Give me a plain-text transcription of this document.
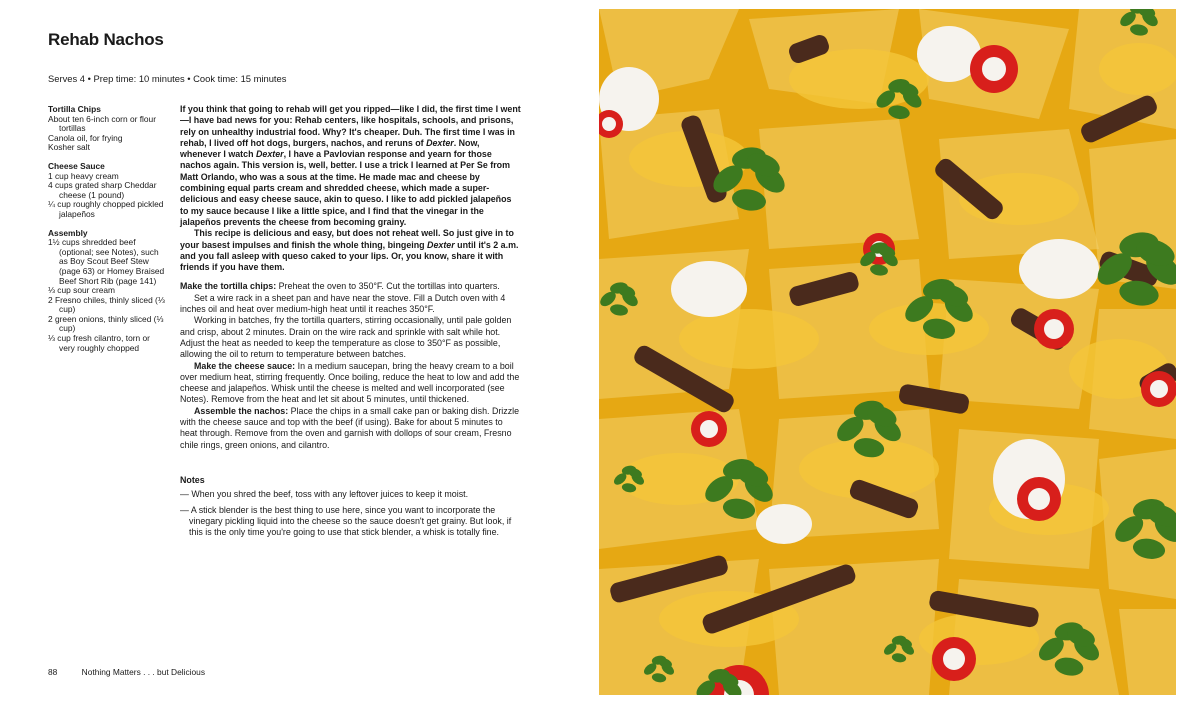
Rehab Nachos
Serves 4 • Prep time: 10 minutes • Cook time: 15 minutes
Tortilla Chips
About ten 6-inch corn or flour tortillas
Canola oil, for frying
Kosher salt
Cheese Sauce
1 cup heavy cream
4 cups grated sharp Cheddar cheese (1 pound)
¼ cup roughly chopped pickled jalapeños
Assembly
1½ cups shredded beef (optional; see Notes), such as Boy Scout Beef Stew (page 63) or Homey Braised Beef Short Rib (page 141)
⅓ cup sour cream
2 Fresno chiles, thinly sliced (⅓ cup)
2 green onions, thinly sliced (⅓ cup)
⅓ cup fresh cilantro, torn or very roughly chopped

If you think that going to rehab will get you ripped—like I did, the first time I went—I have bad news for you: Rehab centers, like hospitals, schools, and prisons, rely on unhealthy industrial food. Why? It's cheaper. Duh. The first time I was in rehab, I lived off hot dogs, burgers, nachos, and reruns of Dexter. Now, whenever I watch Dexter, I have a Pavlovian response and yearn for those nachos again. This version is, well, better. I use a trick I learned at Per Se from Matt Orlando, who was a sous at the time. He made mac and cheese by combining equal parts cream and shredded cheese, which made a super-delicious and easy cheese sauce, akin to queso. I like to add pickled jalapeños to my sauce because I like a little spice, and I find that the vinegar in the jalapeños prevents the cheese from becoming grainy.

This recipe is delicious and easy, but does not reheat well. So just give in to your basest impulses and finish the whole thing, bingeing Dexter until it's 2 a.m. and you fall asleep with queso caked to your lips. Or, you know, share it with friends if you have them.

Make the tortilla chips: Preheat the oven to 350°F. Cut the tortillas into quarters.

Set a wire rack in a sheet pan and have near the stove. Fill a Dutch oven with 4 inches oil and heat over medium-high heat until it reaches 350°F.

Working in batches, fry the tortilla quarters, stirring occasionally, until pale golden and crisp, about 2 minutes. Drain on the wire rack and sprinkle with salt while hot. Adjust the heat as needed to keep the temperature as close to 350°F as possible, allowing the oil to return to temperature between batches.

Make the cheese sauce: In a medium saucepan, bring the heavy cream to a boil over medium heat, stirring frequently. Once boiling, reduce the heat to low and add the cheese and jalapeños. Whisk until the cheese is melted and well incorporated (see Notes). Remove from the heat and let sit about 5 minutes, until thickened.

Assemble the nachos: Place the chips in a small cake pan or baking dish. Drizzle with the cheese sauce and top with the beef (if using). Bake for about 5 minutes to heat through. Remove from the oven and garnish with dollops of sour cream, Fresno chile rings, green onions, and cilantro.

Notes
— When you shred the beef, toss with any leftover juices to keep it moist.
— A stick blender is the best thing to use here, since you want to incorporate the vinegary pickling liquid into the cheese so the sauce doesn't get grainy. But look, if this is the only time you're going to use that stick blender, a whisk is totally fine.
88	Nothing Matters . . . but Delicious
